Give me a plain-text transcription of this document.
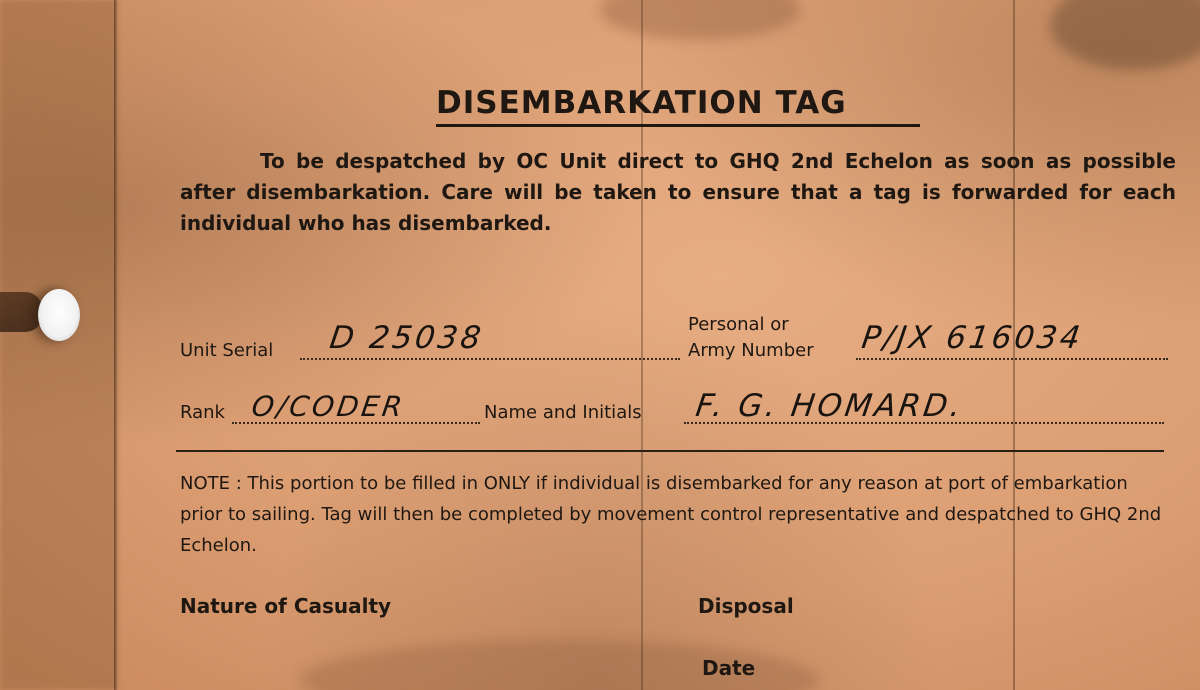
DISEMBARKATION TAG
To be despatched by OC Unit direct to GHQ 2nd Echelon as soon as possible after disembarkation. Care will be taken to ensure that a tag is forwarded for each individual who has disembarked.
Unit Serial D 25038	Personal or
Army Number P/JX 616034
Rank O/CODER	Name and Initials F. G. HOMARD.
NOTE : This portion to be filled in ONLY if individual is disembarked for any reason at port of embarkation prior to sailing. Tag will then be completed by movement control representative and despatched to GHQ 2nd Echelon.
Nature of Casualty	Disposal
Date
